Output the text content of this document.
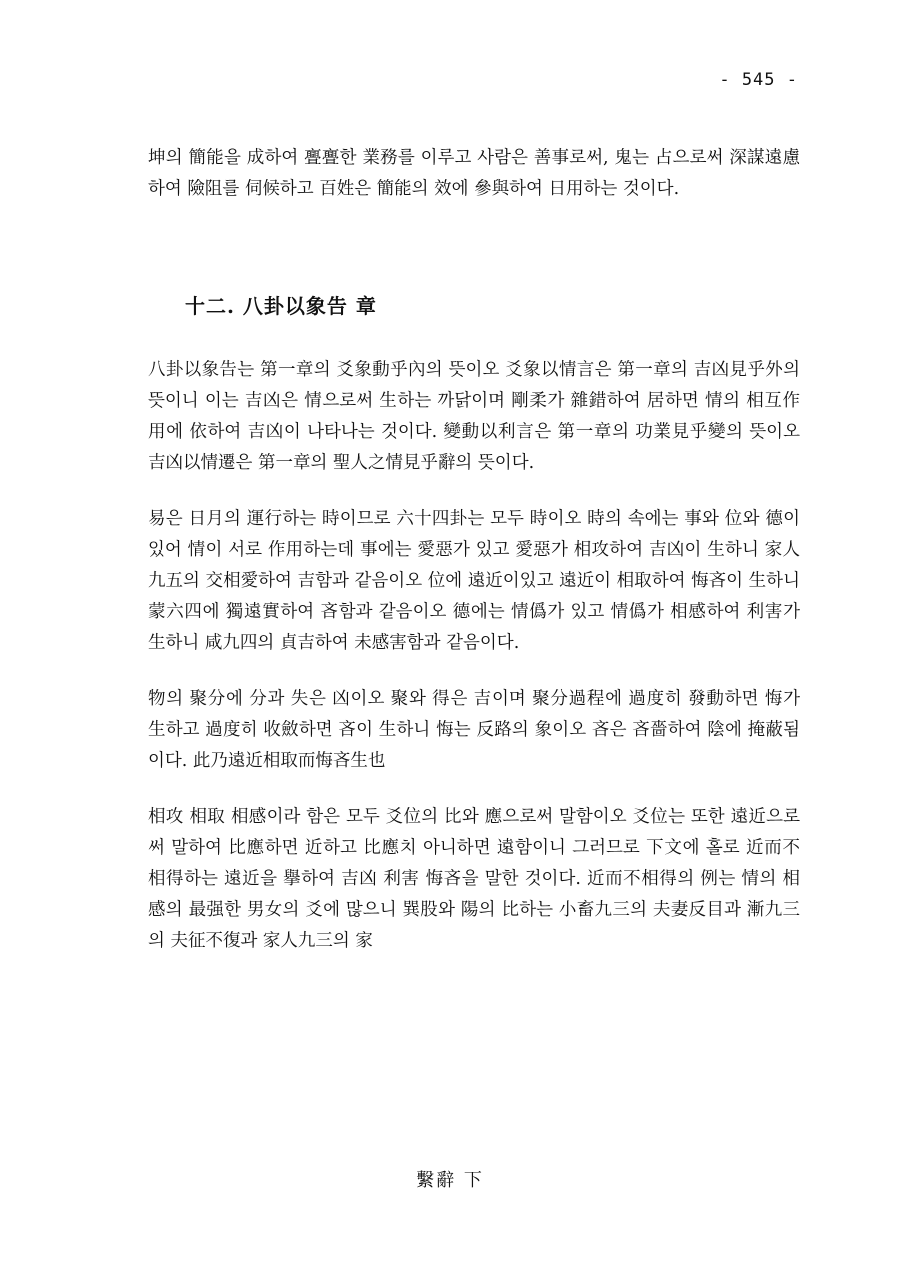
- 545 -

坤의 簡能을 成하여 亹亹한 業務를 이루고 사람은 善事로써, 鬼는 占으로써 深謀遠慮하여 險阻를 伺候하고 百姓은 簡能의 效에 參與하여 日用하는 것이다.

十二. 八卦以象告 章

八卦以象告는 第一章의 爻象動乎內의 뜻이오 爻象以情言은 第一章의 吉凶見乎外의 뜻이니 이는 吉凶은 情으로써 生하는 까닭이며 剛柔가 雜錯하여 居하면 情의 相互作用에 依하여 吉凶이 나타나는 것이다. 變動以利言은 第一章의 功業見乎變의 뜻이오 吉凶以情遷은 第一章의 聖人之情見乎辭의 뜻이다.

易은 日月의 運行하는 時이므로 六十四卦는 모두 時이오 時의 속에는 事와 位와 德이 있어 情이 서로 作用하는데 事에는 愛惡가 있고 愛惡가 相攻하여 吉凶이 生하니 家人九五의 交相愛하여 吉함과 같음이오 位에 遠近이있고 遠近이 相取하여 悔吝이 生하니 蒙六四에 獨遠實하여 吝함과 같음이오 德에는 情僞가 있고 情僞가 相感하여 利害가 生하니 咸九四의 貞吉하여 未感害함과 같음이다.

物의 聚分에 分과 失은 凶이오 聚와 得은 吉이며 聚分過程에 過度히 發動하면 悔가 生하고 過度히 收斂하면 吝이 生하니 悔는 反路의 象이오 吝은 吝嗇하여 陰에 掩蔽됨이다. 此乃遠近相取而悔吝生也

相攻 相取 相感이라 함은 모두 爻位의 比와 應으로써 말함이오 爻位는 또한 遠近으로써 말하여 比應하면 近하고 比應치 아니하면 遠함이니 그러므로 下文에 홀로 近而不相得하는 遠近을 擧하여 吉凶 利害 悔吝을 말한 것이다. 近而不相得의 例는 情의 相感의 最强한 男女의 爻에 많으니 巽股와 陽의 比하는 小畜九三의 夫妻反目과 漸九三의 夫征不復과 家人九三의 家

繫辭 下
